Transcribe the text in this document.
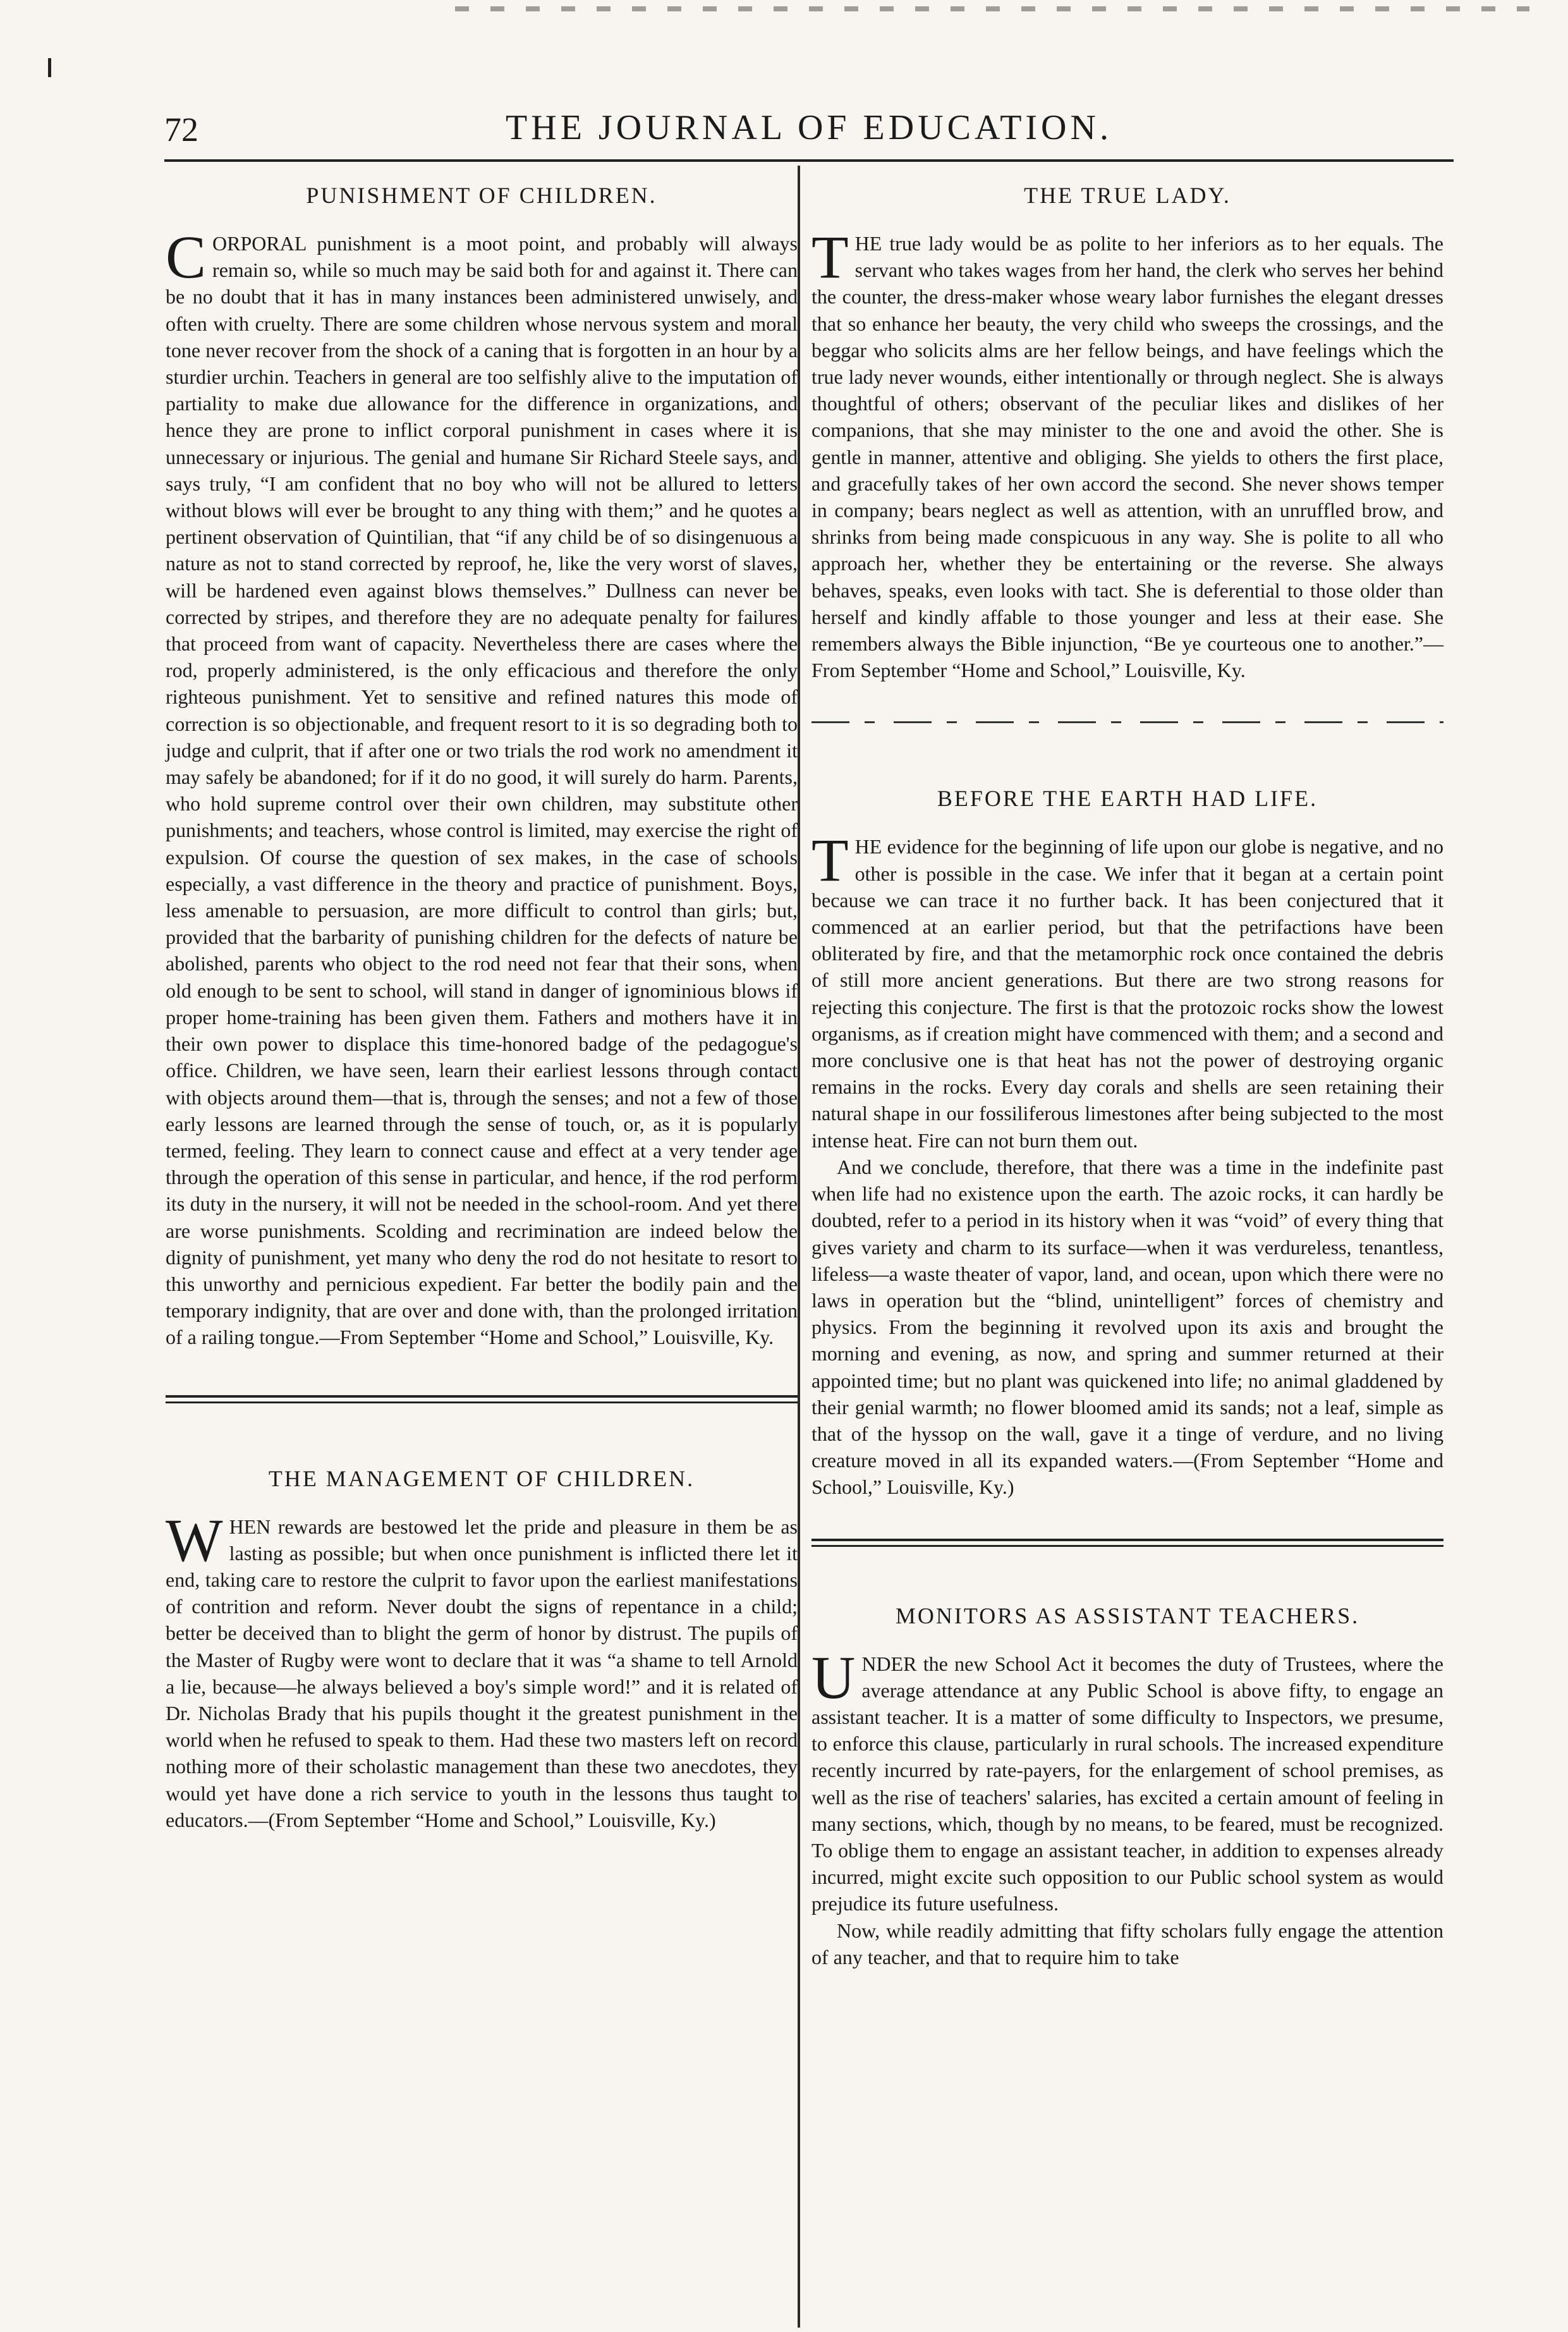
72	THE JOURNAL OF EDUCATION.
PUNISHMENT OF CHILDREN.
C ORPORAL punishment is a moot point, and probably will always remain so, while so much may be said both for and against it. There can be no doubt that it has in many instances been administered unwisely, and often with cruelty. There are some children whose nervous system and moral tone never recover from the shock of a caning that is forgotten in an hour by a sturdier urchin. Teachers in general are too selfishly alive to the imputation of partiality to make due allowance for the difference in organizations, and hence they are prone to inflict corporal punishment in cases where it is unnecessary or injurious. The genial and humane Sir Richard Steele says, and says truly, “I am confident that no boy who will not be allured to letters without blows will ever be brought to any thing with them;” and he quotes a pertinent observation of Quintilian, that “if any child be of so disingenuous a nature as not to stand corrected by reproof, he, like the very worst of slaves, will be hardened even against blows themselves.” Dullness can never be corrected by stripes, and therefore they are no adequate penalty for failures that proceed from want of capacity. Nevertheless there are cases where the rod, properly administered, is the only efficacious and therefore the only righteous punishment. Yet to sensitive and refined natures this mode of correction is so objectionable, and frequent resort to it is so degrading both to judge and culprit, that if after one or two trials the rod work no amendment it may safely be abandoned; for if it do no good, it will surely do harm. Parents, who hold supreme control over their own children, may substitute other punishments; and teachers, whose control is limited, may exercise the right of expulsion. Of course the question of sex makes, in the case of schools especially, a vast difference in the theory and practice of punishment. Boys, less amenable to persuasion, are more difficult to control than girls; but, provided that the barbarity of punishing children for the defects of nature be abolished, parents who object to the rod need not fear that their sons, when old enough to be sent to school, will stand in danger of ignominious blows if proper home-training has been given them. Fathers and mothers have it in their own power to displace this time-honored badge of the pedagogue's office. Children, we have seen, learn their earliest lessons through contact with objects around them—that is, through the senses; and not a few of those early lessons are learned through the sense of touch, or, as it is popularly termed, feeling. They learn to connect cause and effect at a very tender age through the operation of this sense in particular, and hence, if the rod perform its duty in the nursery, it will not be needed in the school-room. And yet there are worse punishments. Scolding and recrimination are indeed below the dignity of punishment, yet many who deny the rod do not hesitate to resort to this unworthy and pernicious expedient. Far better the bodily pain and the temporary indignity, that are over and done with, than the prolonged irritation of a railing tongue.—From September “Home and School,” Louisville, Ky.

THE MANAGEMENT OF CHILDREN.
W HEN rewards are bestowed let the pride and pleasure in them be as lasting as possible; but when once punishment is inflicted there let it end, taking care to restore the culprit to favor upon the earliest manifestations of contrition and reform. Never doubt the signs of repentance in a child; better be deceived than to blight the germ of honor by distrust. The pupils of the Master of Rugby were wont to declare that it was “a shame to tell Arnold a lie, because—he always believed a boy's simple word!” and it is related of Dr. Nicholas Brady that his pupils thought it the greatest punishment in the world when he refused to speak to them. Had these two masters left on record nothing more of their scholastic management than these two anecdotes, they would yet have done a rich service to youth in the lessons thus taught to educators.—(From September “Home and School,” Louisville, Ky.)

THE TRUE LADY.
T HE true lady would be as polite to her inferiors as to her equals. The servant who takes wages from her hand, the clerk who serves her behind the counter, the dress-maker whose weary labor furnishes the elegant dresses that so enhance her beauty, the very child who sweeps the crossings, and the beggar who solicits alms are her fellow beings, and have feelings which the true lady never wounds, either intentionally or through neglect. She is always thoughtful of others; observant of the peculiar likes and dislikes of her companions, that she may minister to the one and avoid the other. She is gentle in manner, attentive and obliging. She yields to others the first place, and gracefully takes of her own accord the second. She never shows temper in company; bears neglect as well as attention, with an unruffled brow, and shrinks from being made conspicuous in any way. She is polite to all who approach her, whether they be entertaining or the reverse. She always behaves, speaks, even looks with tact. She is deferential to those older than herself and kindly affable to those younger and less at their ease. She remembers always the Bible injunction, “Be ye courteous one to another.”—From September “Home and School,” Louisville, Ky.

BEFORE THE EARTH HAD LIFE.
T HE evidence for the beginning of life upon our globe is negative, and no other is possible in the case. We infer that it began at a certain point because we can trace it no further back. It has been conjectured that it commenced at an earlier period, but that the petrifactions have been obliterated by fire, and that the metamorphic rock once contained the debris of still more ancient generations. But there are two strong reasons for rejecting this conjecture. The first is that the protozoic rocks show the lowest organisms, as if creation might have commenced with them; and a second and more conclusive one is that heat has not the power of destroying organic remains in the rocks. Every day corals and shells are seen retaining their natural shape in our fossiliferous limestones after being subjected to the most intense heat. Fire can not burn them out.

And we conclude, therefore, that there was a time in the indefinite past when life had no existence upon the earth. The azoic rocks, it can hardly be doubted, refer to a period in its history when it was “void” of every thing that gives variety and charm to its surface—when it was verdureless, tenantless, lifeless—a waste theater of vapor, land, and ocean, upon which there were no laws in operation but the “blind, unintelligent” forces of chemistry and physics. From the beginning it revolved upon its axis and brought the morning and evening, as now, and spring and summer returned at their appointed time; but no plant was quickened into life; no animal gladdened by their genial warmth; no flower bloomed amid its sands; not a leaf, simple as that of the hyssop on the wall, gave it a tinge of verdure, and no living creature moved in all its expanded waters.—(From September “Home and School,” Louisville, Ky.)

MONITORS AS ASSISTANT TEACHERS.
U NDER the new School Act it becomes the duty of Trustees, where the average attendance at any Public School is above fifty, to engage an assistant teacher. It is a matter of some difficulty to Inspectors, we presume, to enforce this clause, particularly in rural schools. The increased expenditure recently incurred by rate-payers, for the enlargement of school premises, as well as the rise of teachers' salaries, has excited a certain amount of feeling in many sections, which, though by no means, to be feared, must be recognized. To oblige them to engage an assistant teacher, in addition to expenses already incurred, might excite such opposition to our Public school system as would prejudice its future usefulness.

Now, while readily admitting that fifty scholars fully engage the attention of any teacher, and that to require him to take
